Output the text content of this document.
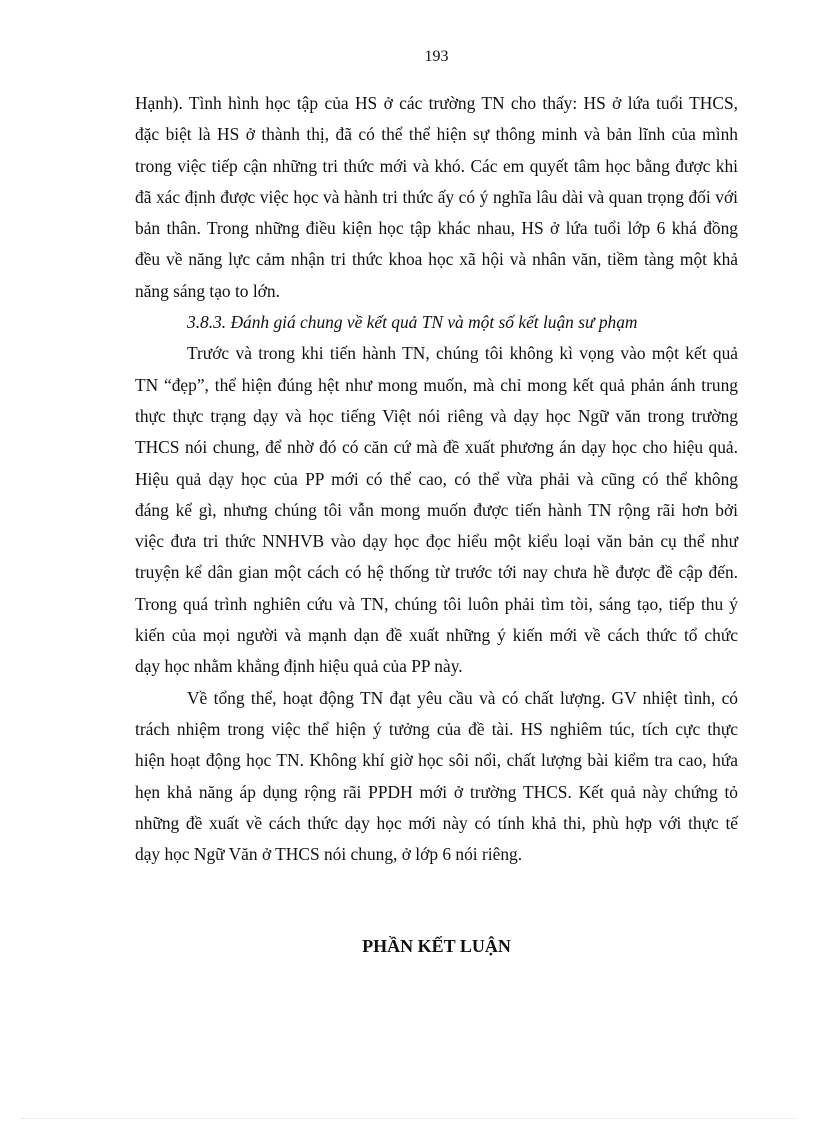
193
Hạnh). Tình hình học tập của HS ở các trường TN cho thấy: HS ở lứa tuổi THCS,
đặc biệt là HS ở thành thị, đã có thể thể hiện sự thông minh và bản lĩnh của mình
trong việc tiếp cận những tri thức mới và khó. Các em quyết tâm học bằng được khi
đã xác định được việc học và hành tri thức ấy có ý nghĩa lâu dài và quan trọng đối với
bản thân. Trong những điều kiện học tập khác nhau, HS ở lứa tuổi lớp 6 khá đồng
đều về năng lực cảm nhận tri thức khoa học xã hội và nhân văn, tiềm tàng một khả
năng sáng tạo to lớn.
3.8.3. Đánh giá chung về kết quả TN và một số kết luận sư phạm
Trước và trong khi tiến hành TN, chúng tôi không kì vọng vào một kết quả
TN “đẹp”, thể hiện đúng hệt như mong muốn, mà chỉ mong kết quả phản ánh trung
thực thực trạng dạy và học tiếng Việt nói riêng và dạy học Ngữ văn trong trường
THCS nói chung, để nhờ đó có căn cứ mà đề xuất phương án dạy học cho hiệu quả.
Hiệu quả dạy học của PP mới có thể cao, có thể vừa phải và cũng có thể không
đáng kể gì, nhưng chúng tôi vẫn mong muốn được tiến hành TN rộng rãi hơn bởi
việc đưa tri thức NNHVB vào dạy học đọc hiểu một kiểu loại văn bản cụ thể như
truyện kể dân gian một cách có hệ thống từ trước tới nay chưa hề được đề cập đến.
Trong quá trình nghiên cứu và TN, chúng tôi luôn phải tìm tòi, sáng tạo, tiếp thu ý
kiến của mọi người và mạnh dạn đề xuất những ý kiến mới về cách thức tổ chức
dạy học nhằm khẳng định hiệu quả của PP này.
Về tổng thể, hoạt động TN đạt yêu cầu và có chất lượng. GV nhiệt tình, có
trách nhiệm trong việc thể hiện ý tưởng của đề tài. HS nghiêm túc, tích cực thực
hiện hoạt động học TN. Không khí giờ học sôi nổi, chất lượng bài kiểm tra cao, hứa
hẹn khả năng áp dụng rộng rãi PPDH mới ở trường THCS. Kết quả này chứng tỏ
những đề xuất về cách thức dạy học mới này có tính khả thi, phù hợp với thực tế
dạy học Ngữ Văn ở THCS nói chung, ở lớp 6 nói riêng.
PHẦN KẾT LUẬN
